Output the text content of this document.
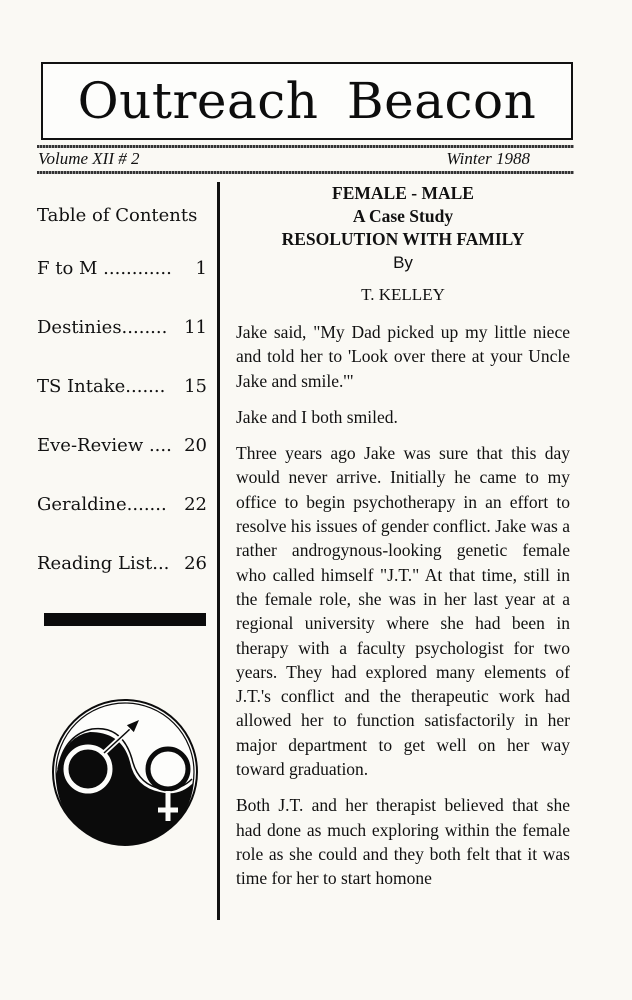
Outreach Beacon
Volume XII # 2	Winter 1988
Table of Contents
F to M ............ 1
Destinies........ 11
TS Intake....... 15
Eve-Review .... 20
Geraldine....... 22
Reading List... 26
FEMALE - MALE
A Case Study
RESOLUTION WITH FAMILY
By
T. KELLEY

Jake said, "My Dad picked up my little niece and told her to 'Look over there at your Uncle Jake and smile.'"

Jake and I both smiled.

Three years ago Jake was sure that this day would never arrive. Initially he came to my office to begin psychotherapy in an effort to resolve his issues of gender conflict. Jake was a rather androgynous-looking genetic female who called himself "J.T." At that time, still in the female role, she was in her last year at a regional university where she had been in therapy with a faculty psychologist for two years. They had explored many elements of J.T.'s conflict and the therapeutic work had allowed her to function satisfactorily in her major department to get well on her way toward graduation.

Both J.T. and her therapist believed that she had done as much exploring within the female role as she could and they both felt that it was time for her to start homone
